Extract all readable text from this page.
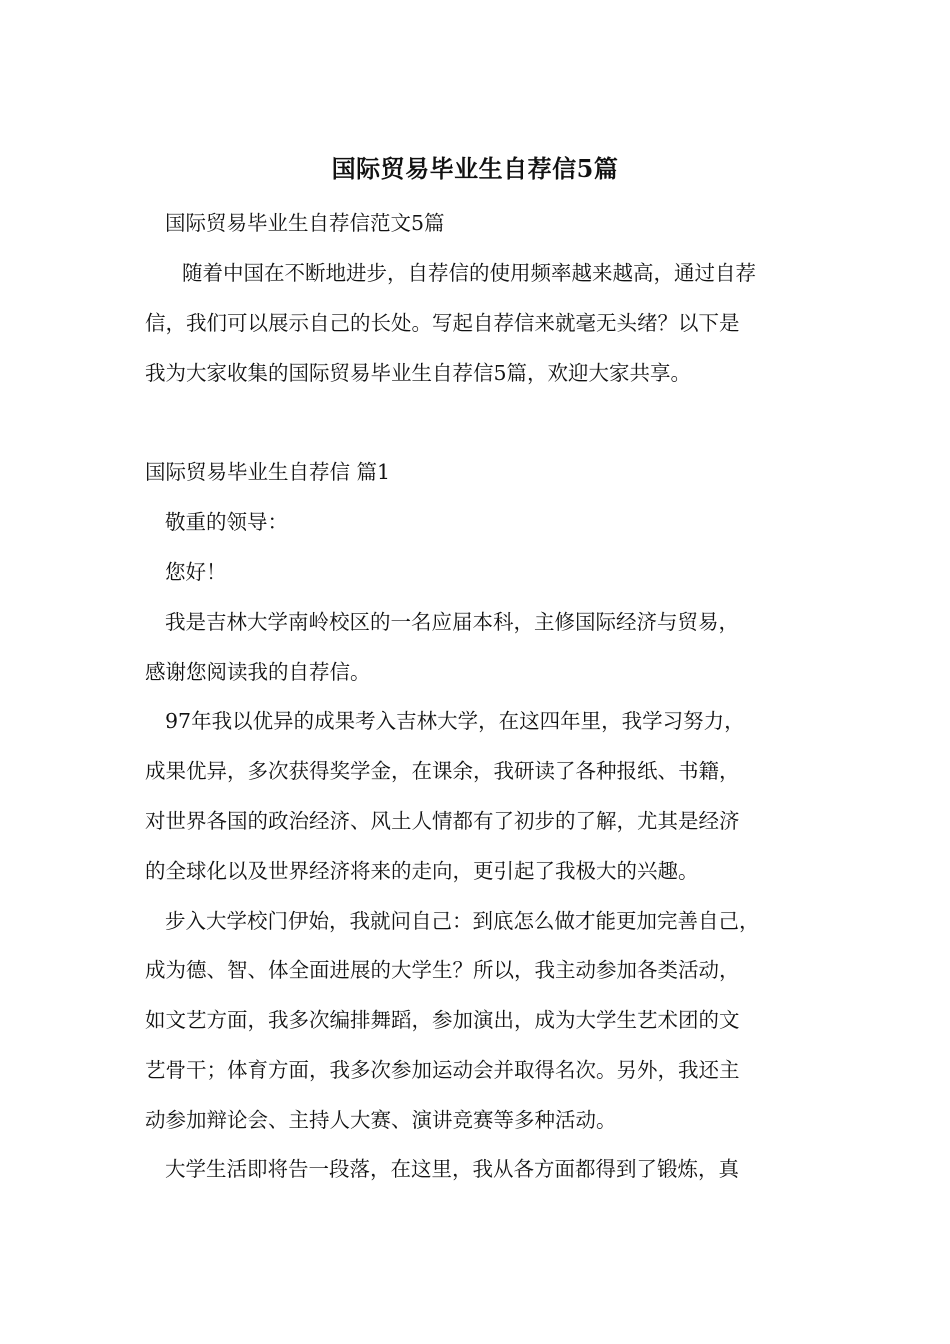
国际贸易毕业生自荐信5篇
国际贸易毕业生自荐信范文5篇
随着中国在不断地进步，自荐信的使用频率越来越高，通过自荐
信，我们可以展示自己的长处。写起自荐信来就毫无头绪？以下是
我为大家收集的国际贸易毕业生自荐信5篇，欢迎大家共享。
国际贸易毕业生自荐信 篇1
敬重的领导：
您好！
我是吉林大学南岭校区的一名应届本科，主修国际经济与贸易，
感谢您阅读我的自荐信。
97年我以优异的成果考入吉林大学，在这四年里，我学习努力，
成果优异，多次获得奖学金，在课余，我研读了各种报纸、书籍，
对世界各国的政治经济、风土人情都有了初步的了解，尤其是经济
的全球化以及世界经济将来的走向，更引起了我极大的兴趣。
步入大学校门伊始，我就问自己：到底怎么做才能更加完善自己，
成为德、智、体全面进展的大学生？所以，我主动参加各类活动，
如文艺方面，我多次编排舞蹈，参加演出，成为大学生艺术团的文
艺骨干；体育方面，我多次参加运动会并取得名次。另外，我还主
动参加辩论会、主持人大赛、演讲竞赛等多种活动。
大学生活即将告一段落，在这里，我从各方面都得到了锻炼，真
